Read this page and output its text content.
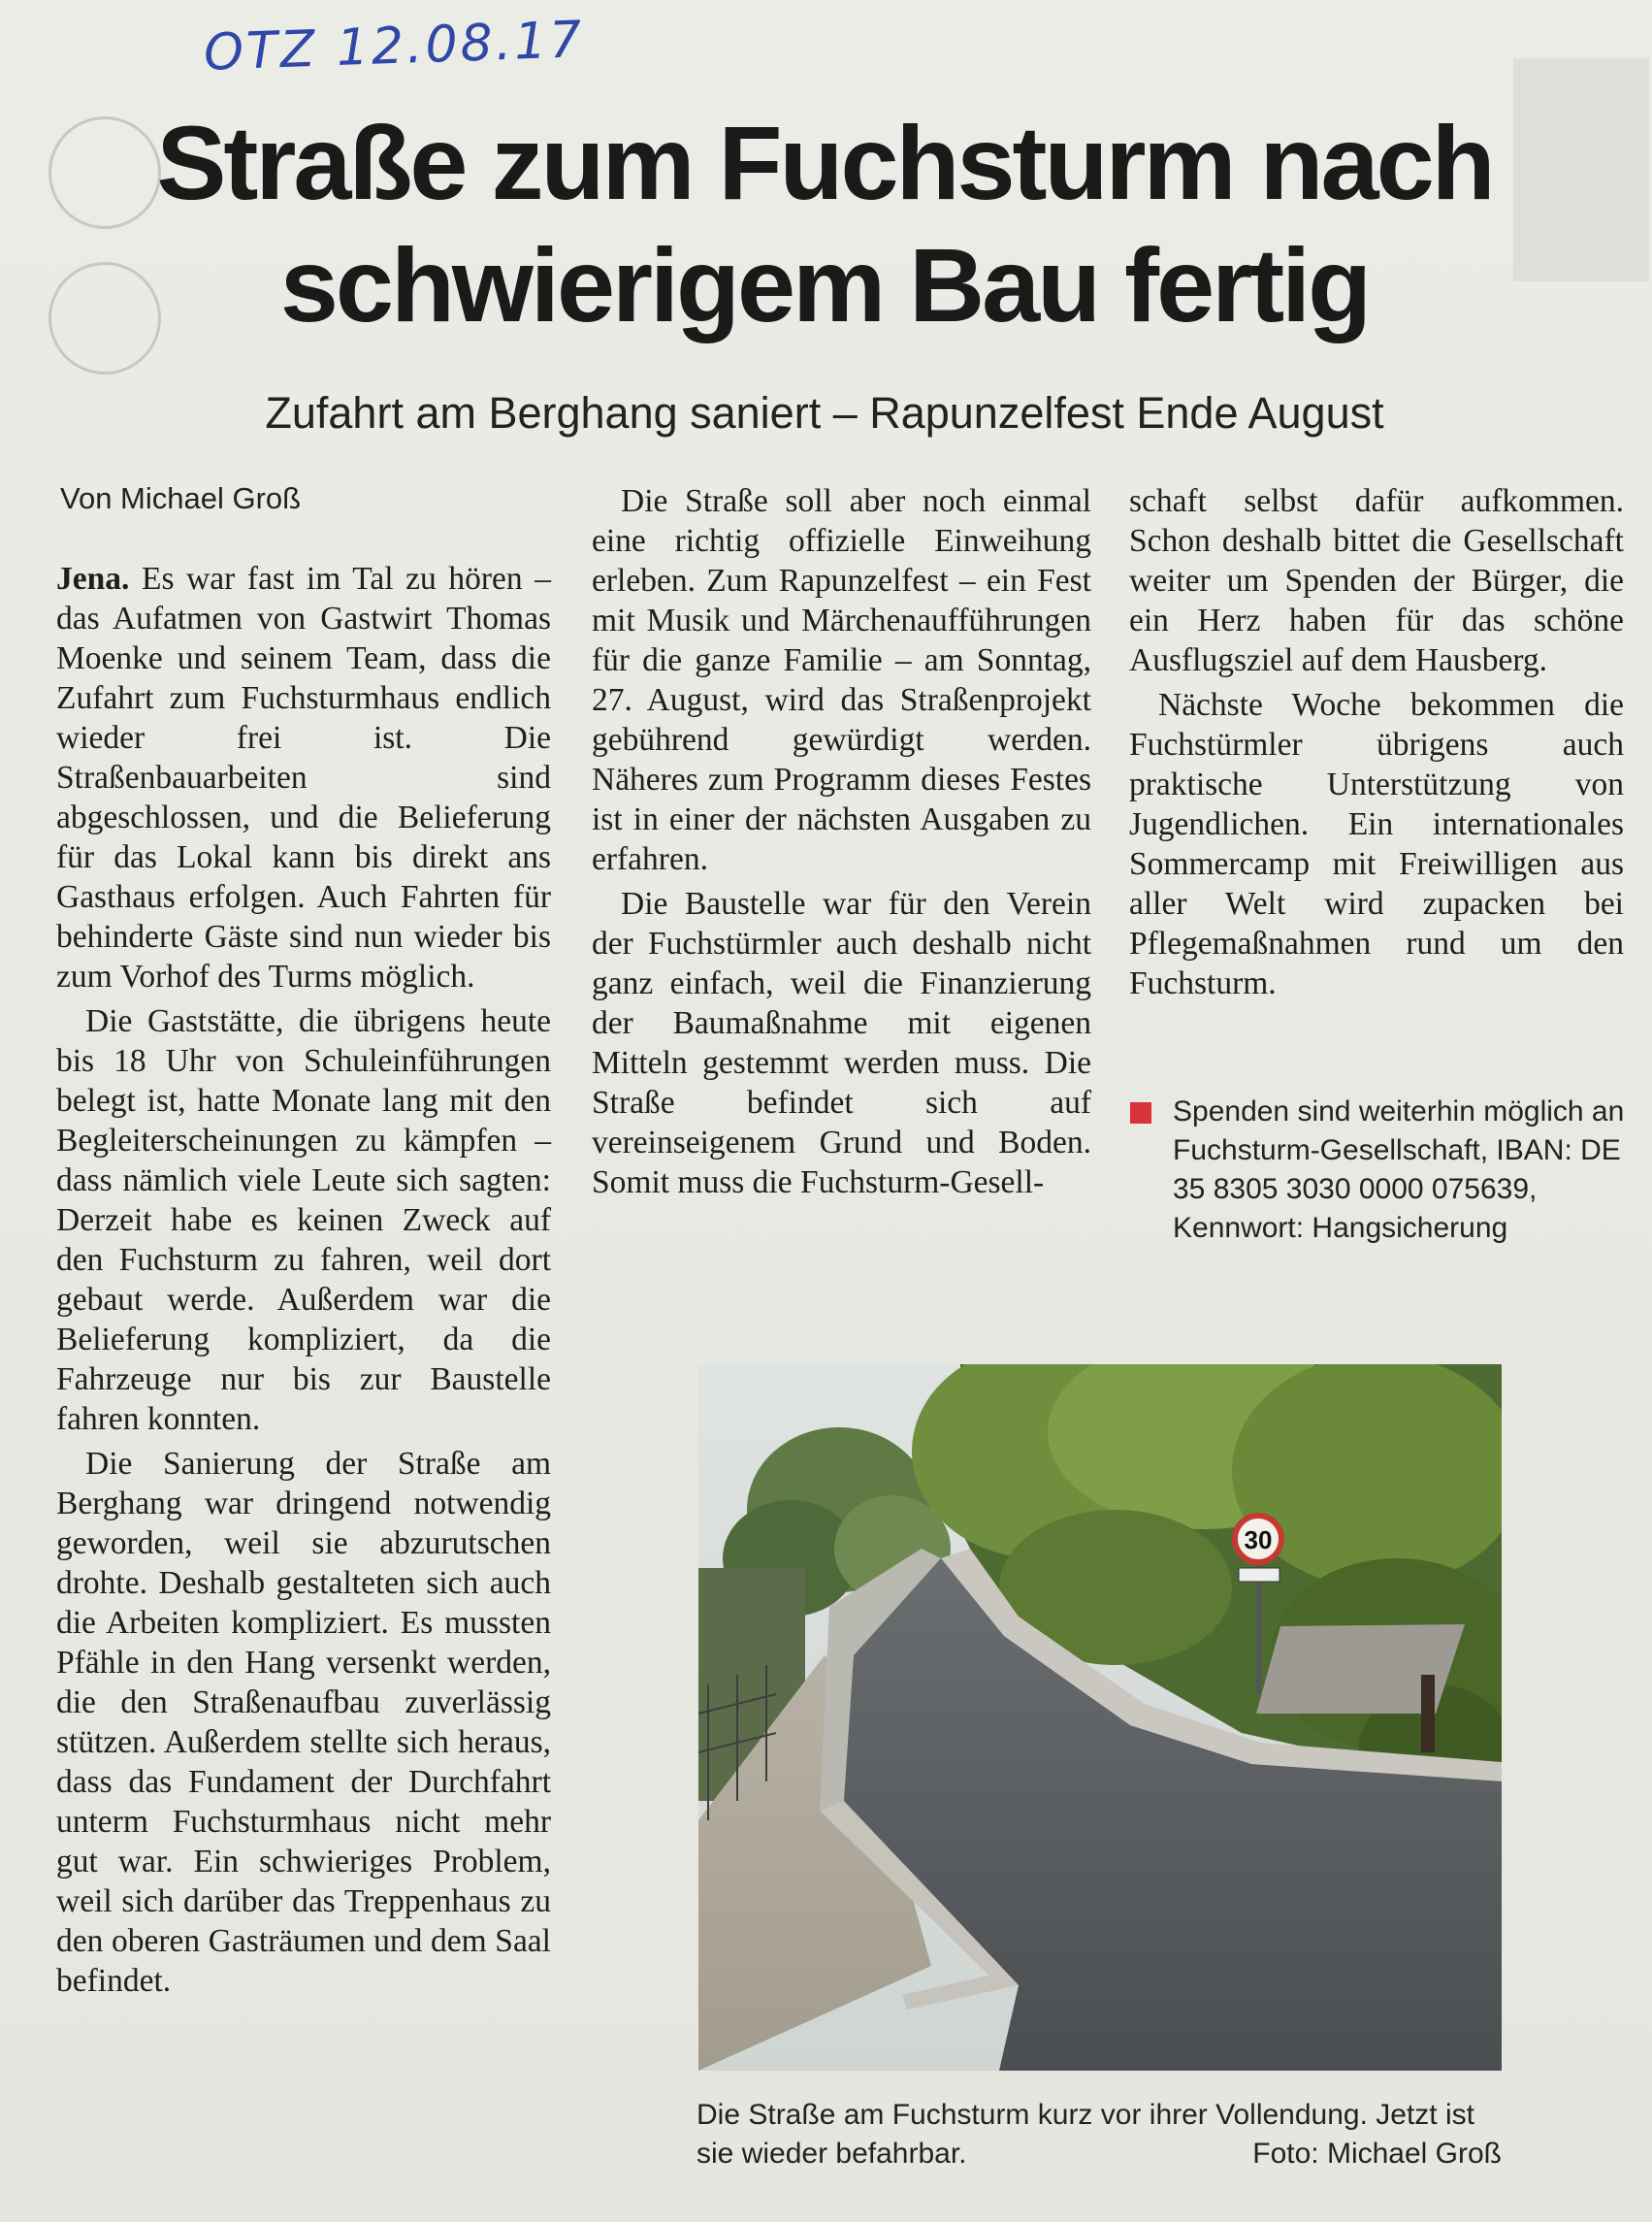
OTZ 12.08.17
Straße zum Fuchsturm nach schwierigem Bau fertig
Zufahrt am Berghang saniert – Rapunzelfest Ende August
Von Michael Groß

Jena. Es war fast im Tal zu hören – das Aufatmen von Gastwirt Thomas Moenke und seinem Team, dass die Zufahrt zum Fuchsturmhaus endlich wieder frei ist. Die Straßenbauarbeiten sind abgeschlossen, und die Belieferung für das Lokal kann bis direkt ans Gasthaus erfolgen. Auch Fahrten für behinderte Gäste sind nun wieder bis zum Vorhof des Turms möglich.

Die Gaststätte, die übrigens heute bis 18 Uhr von Schuleinführungen belegt ist, hatte Monate lang mit den Begleiterscheinungen zu kämpfen – dass nämlich viele Leute sich sagten: Derzeit habe es keinen Zweck auf den Fuchsturm zu fahren, weil dort gebaut werde. Außerdem war die Belieferung kompliziert, da die Fahrzeuge nur bis zur Baustelle fahren konnten.

Die Sanierung der Straße am Berghang war dringend notwendig geworden, weil sie abzurutschen drohte. Deshalb gestalteten sich auch die Arbeiten kompliziert. Es mussten Pfähle in den Hang versenkt werden, die den Straßenaufbau zuverlässig stützen. Außerdem stellte sich heraus, dass das Fundament der Durchfahrt unterm Fuchsturmhaus nicht mehr gut war. Ein schwieriges Problem, weil sich darüber das Treppenhaus zu den oberen Gasträumen und dem Saal befindet.

Die Straße soll aber noch einmal eine richtig offizielle Einweihung erleben. Zum Rapunzelfest – ein Fest mit Musik und Märchenaufführungen für die ganze Familie – am Sonntag, 27. August, wird das Straßenprojekt gebührend gewürdigt werden. Näheres zum Programm dieses Festes ist in einer der nächsten Ausgaben zu erfahren.

Die Baustelle war für den Verein der Fuchstürmler auch deshalb nicht ganz einfach, weil die Finanzierung der Baumaßnahme mit eigenen Mitteln gestemmt werden muss. Die Straße befindet sich auf vereinseigenem Grund und Boden. Somit muss die Fuchsturm-Gesell-

schaft selbst dafür aufkommen. Schon deshalb bittet die Gesellschaft weiter um Spenden der Bürger, die ein Herz haben für das schöne Ausflugsziel auf dem Hausberg.

Nächste Woche bekommen die Fuchstürmler übrigens auch praktische Unterstützung von Jugendlichen. Ein internationales Sommercamp mit Freiwilligen aus aller Welt wird zupacken bei Pflegemaßnahmen rund um den Fuchsturm.

Spenden sind weiterhin möglich an Fuchsturm-Gesellschaft, IBAN: DE 35 8305 3030 0000 075639, Kennwort: Hangsicherung
30
Die Straße am Fuchsturm kurz vor ihrer Vollendung. Jetzt ist sie wieder befahrbar.	Foto: Michael Groß
